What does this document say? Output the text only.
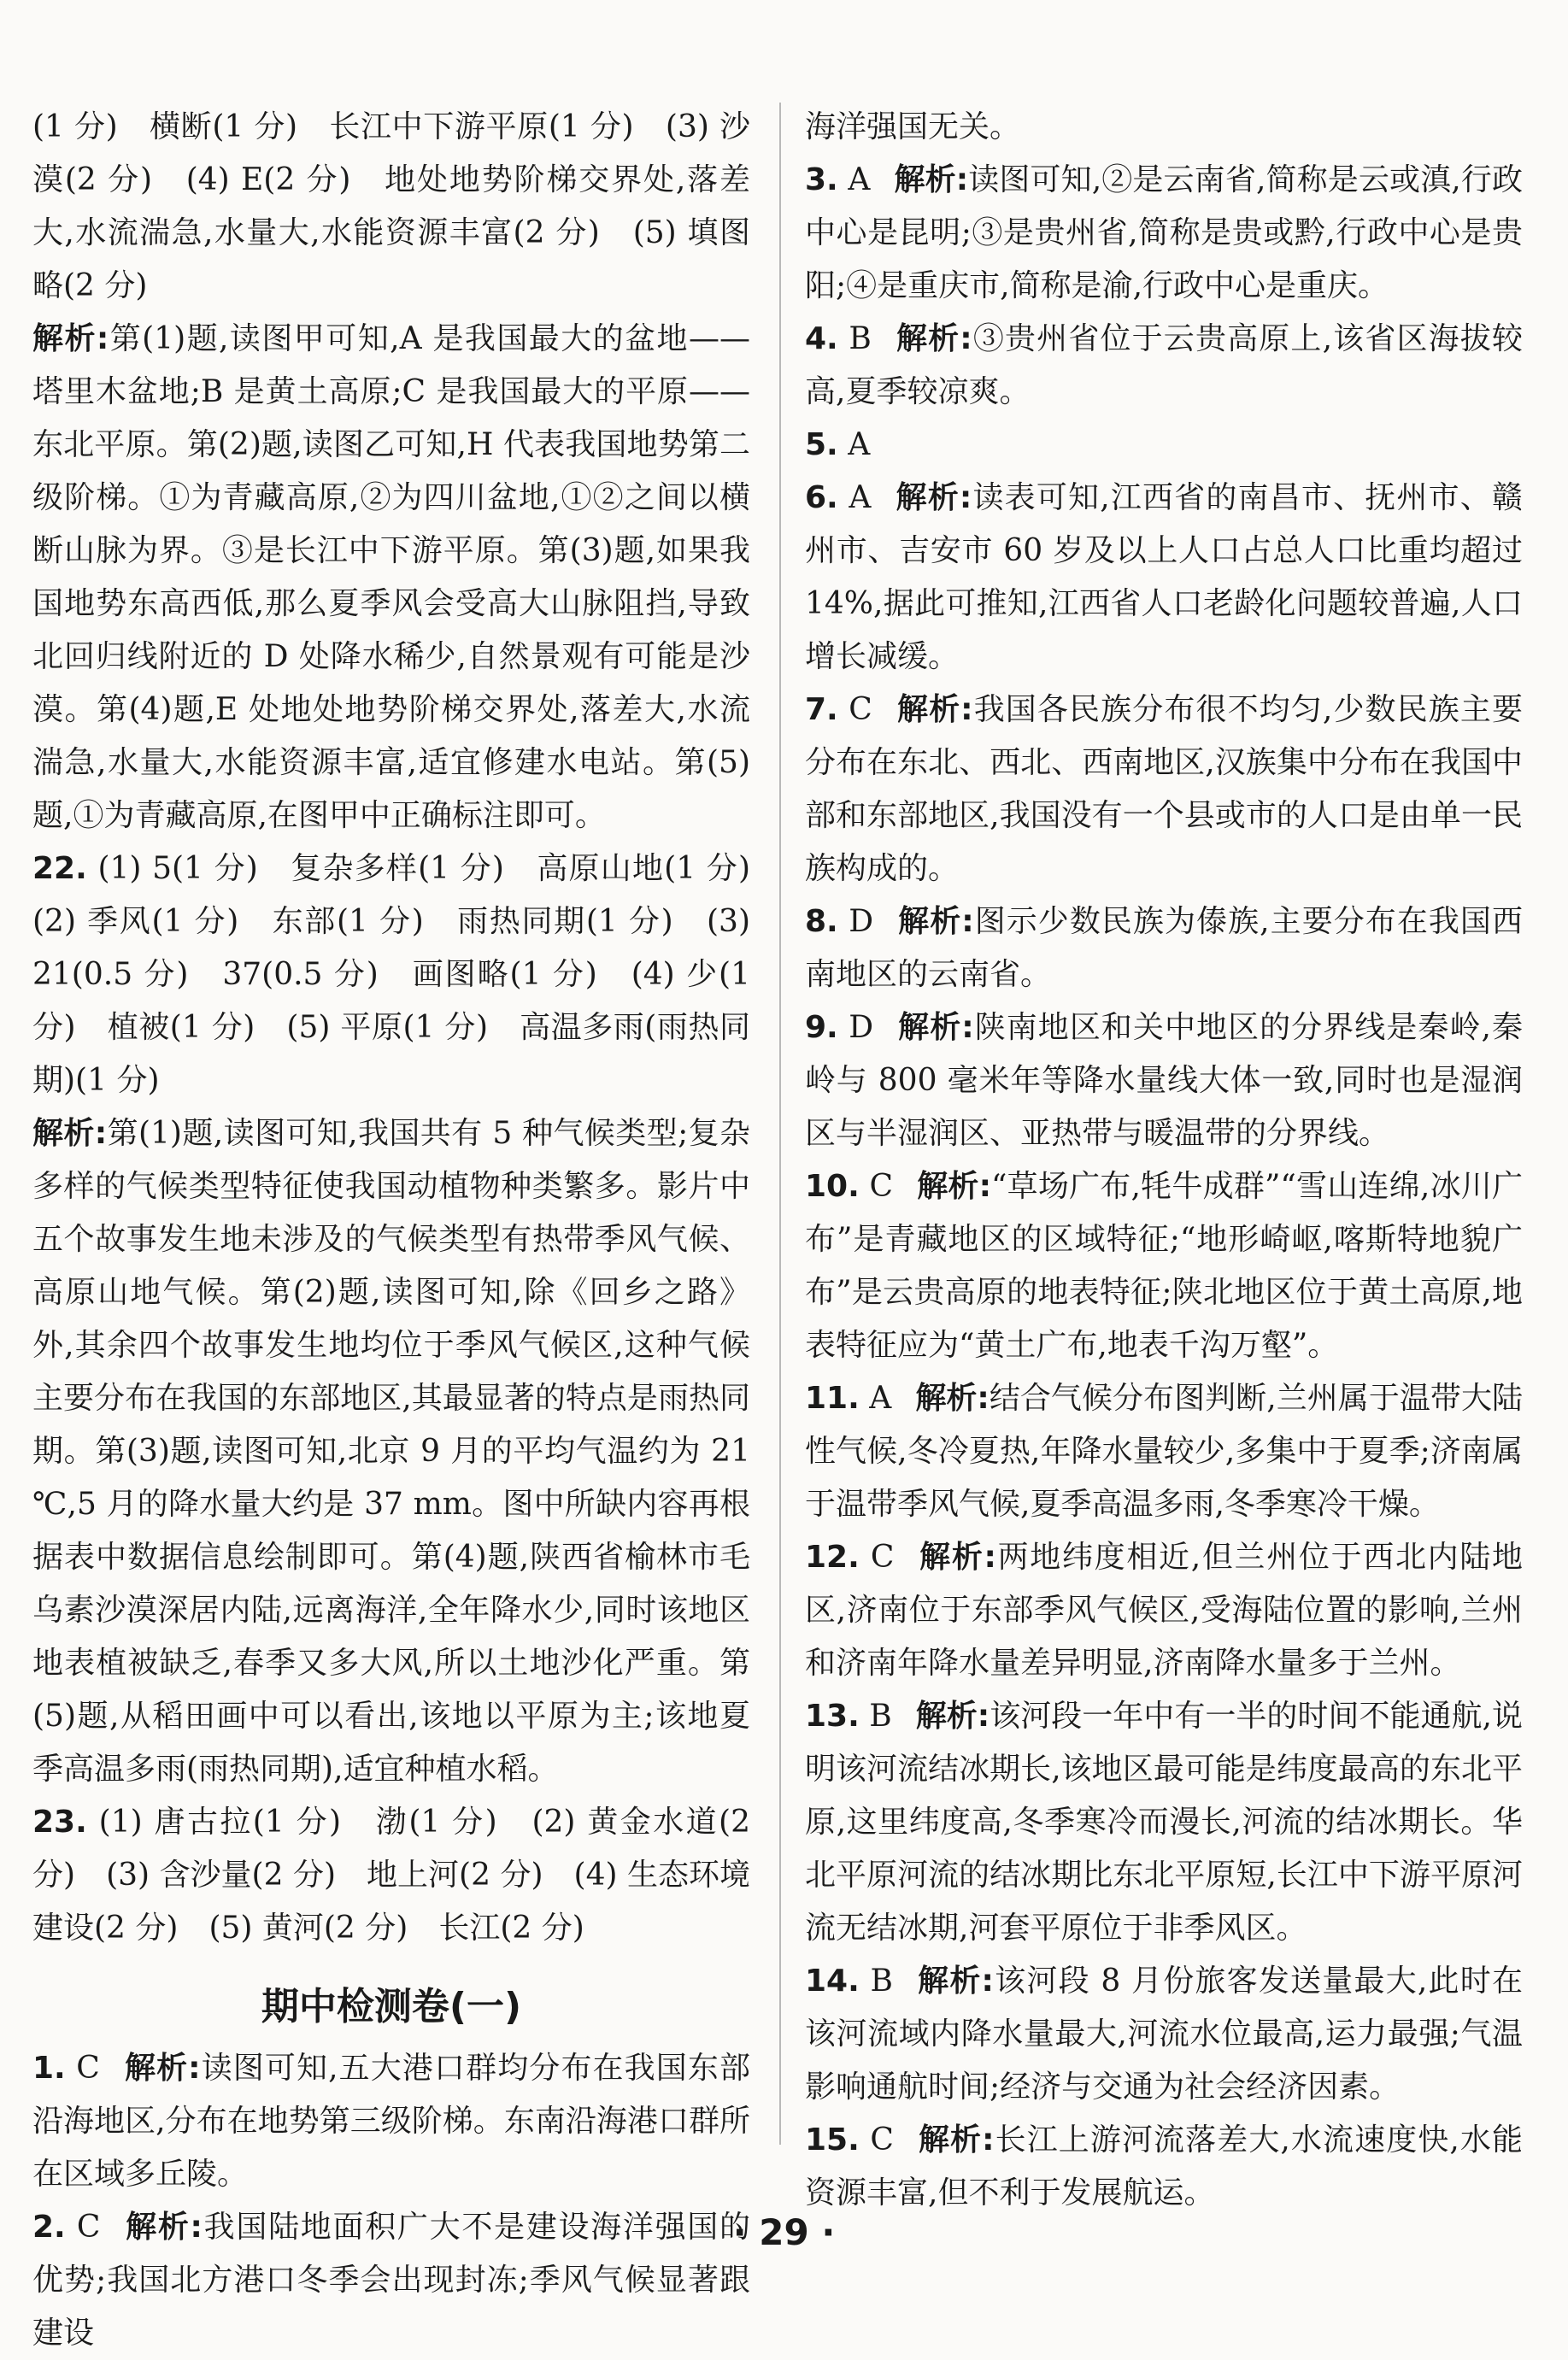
(1 分)　横断(1 分)　长江中下游平原(1 分)　(3) 沙漠(2 分)　(4) E(2 分)　地处地势阶梯交界处,落差大,水流湍急,水量大,水能资源丰富(2 分)　(5) 填图略(2 分)

解析:第(1)题,读图甲可知,A 是我国最大的盆地——塔里木盆地;B 是黄土高原;C 是我国最大的平原——东北平原。第(2)题,读图乙可知,H 代表我国地势第二级阶梯。①为青藏高原,②为四川盆地,①②之间以横断山脉为界。③是长江中下游平原。第(3)题,如果我国地势东高西低,那么夏季风会受高大山脉阻挡,导致北回归线附近的 D 处降水稀少,自然景观有可能是沙漠。第(4)题,E 处地处地势阶梯交界处,落差大,水流湍急,水量大,水能资源丰富,适宜修建水电站。第(5)题,①为青藏高原,在图甲中正确标注即可。

22. (1) 5(1 分)　复杂多样(1 分)　高原山地(1 分)　(2) 季风(1 分)　东部(1 分)　雨热同期(1 分)　(3) 21(0.5 分)　37(0.5 分)　画图略(1 分)　(4) 少(1 分)　植被(1 分)　(5) 平原(1 分)　高温多雨(雨热同期)(1 分)

解析:第(1)题,读图可知,我国共有 5 种气候类型;复杂多样的气候类型特征使我国动植物种类繁多。影片中五个故事发生地未涉及的气候类型有热带季风气候、高原山地气候。第(2)题,读图可知,除《回乡之路》外,其余四个故事发生地均位于季风气候区,这种气候主要分布在我国的东部地区,其最显著的特点是雨热同期。第(3)题,读图可知,北京 9 月的平均气温约为 21 ℃,5 月的降水量大约是 37 mm。图中所缺内容再根据表中数据信息绘制即可。第(4)题,陕西省榆林市毛乌素沙漠深居内陆,远离海洋,全年降水少,同时该地区地表植被缺乏,春季又多大风,所以土地沙化严重。第(5)题,从稻田画中可以看出,该地以平原为主;该地夏季高温多雨(雨热同期),适宜种植水稻。

23. (1) 唐古拉(1 分)　渤(1 分)　(2) 黄金水道(2 分)　(3) 含沙量(2 分)　地上河(2 分)　(4) 生态环境建设(2 分)　(5) 黄河(2 分)　长江(2 分)

期中检测卷(一)

1. C 解析:读图可知,五大港口群均分布在我国东部沿海地区,分布在地势第三级阶梯。东南沿海港口群所在区域多丘陵。

2. C 解析:我国陆地面积广大不是建设海洋强国的优势;我国北方港口冬季会出现封冻;季风气候显著跟建设

海洋强国无关。

3. A 解析:读图可知,②是云南省,简称是云或滇,行政中心是昆明;③是贵州省,简称是贵或黔,行政中心是贵阳;④是重庆市,简称是渝,行政中心是重庆。

4. B 解析:③贵州省位于云贵高原上,该省区海拔较高,夏季较凉爽。

5. A

6. A 解析:读表可知,江西省的南昌市、抚州市、赣州市、吉安市 60 岁及以上人口占总人口比重均超过 14%,据此可推知,江西省人口老龄化问题较普遍,人口增长减缓。

7. C 解析:我国各民族分布很不均匀,少数民族主要分布在东北、西北、西南地区,汉族集中分布在我国中部和东部地区,我国没有一个县或市的人口是由单一民族构成的。

8. D 解析:图示少数民族为傣族,主要分布在我国西南地区的云南省。

9. D 解析:陕南地区和关中地区的分界线是秦岭,秦岭与 800 毫米年等降水量线大体一致,同时也是湿润区与半湿润区、亚热带与暖温带的分界线。

10. C 解析:“草场广布,牦牛成群”“雪山连绵,冰川广布”是青藏地区的区域特征;“地形崎岖,喀斯特地貌广布”是云贵高原的地表特征;陕北地区位于黄土高原,地表特征应为“黄土广布,地表千沟万壑”。

11. A 解析:结合气候分布图判断,兰州属于温带大陆性气候,冬冷夏热,年降水量较少,多集中于夏季;济南属于温带季风气候,夏季高温多雨,冬季寒冷干燥。

12. C 解析:两地纬度相近,但兰州位于西北内陆地区,济南位于东部季风气候区,受海陆位置的影响,兰州和济南年降水量差异明显,济南降水量多于兰州。

13. B 解析:该河段一年中有一半的时间不能通航,说明该河流结冰期长,该地区最可能是纬度最高的东北平原,这里纬度高,冬季寒冷而漫长,河流的结冰期长。华北平原河流的结冰期比东北平原短,长江中下游平原河流无结冰期,河套平原位于非季风区。

14. B 解析:该河段 8 月份旅客发送量最大,此时在该河流域内降水量最大,河流水位最高,运力最强;气温影响通航时间;经济与交通为社会经济因素。

15. C 解析:长江上游河流落差大,水流速度快,水能资源丰富,但不利于发展航运。

· 29 ·
